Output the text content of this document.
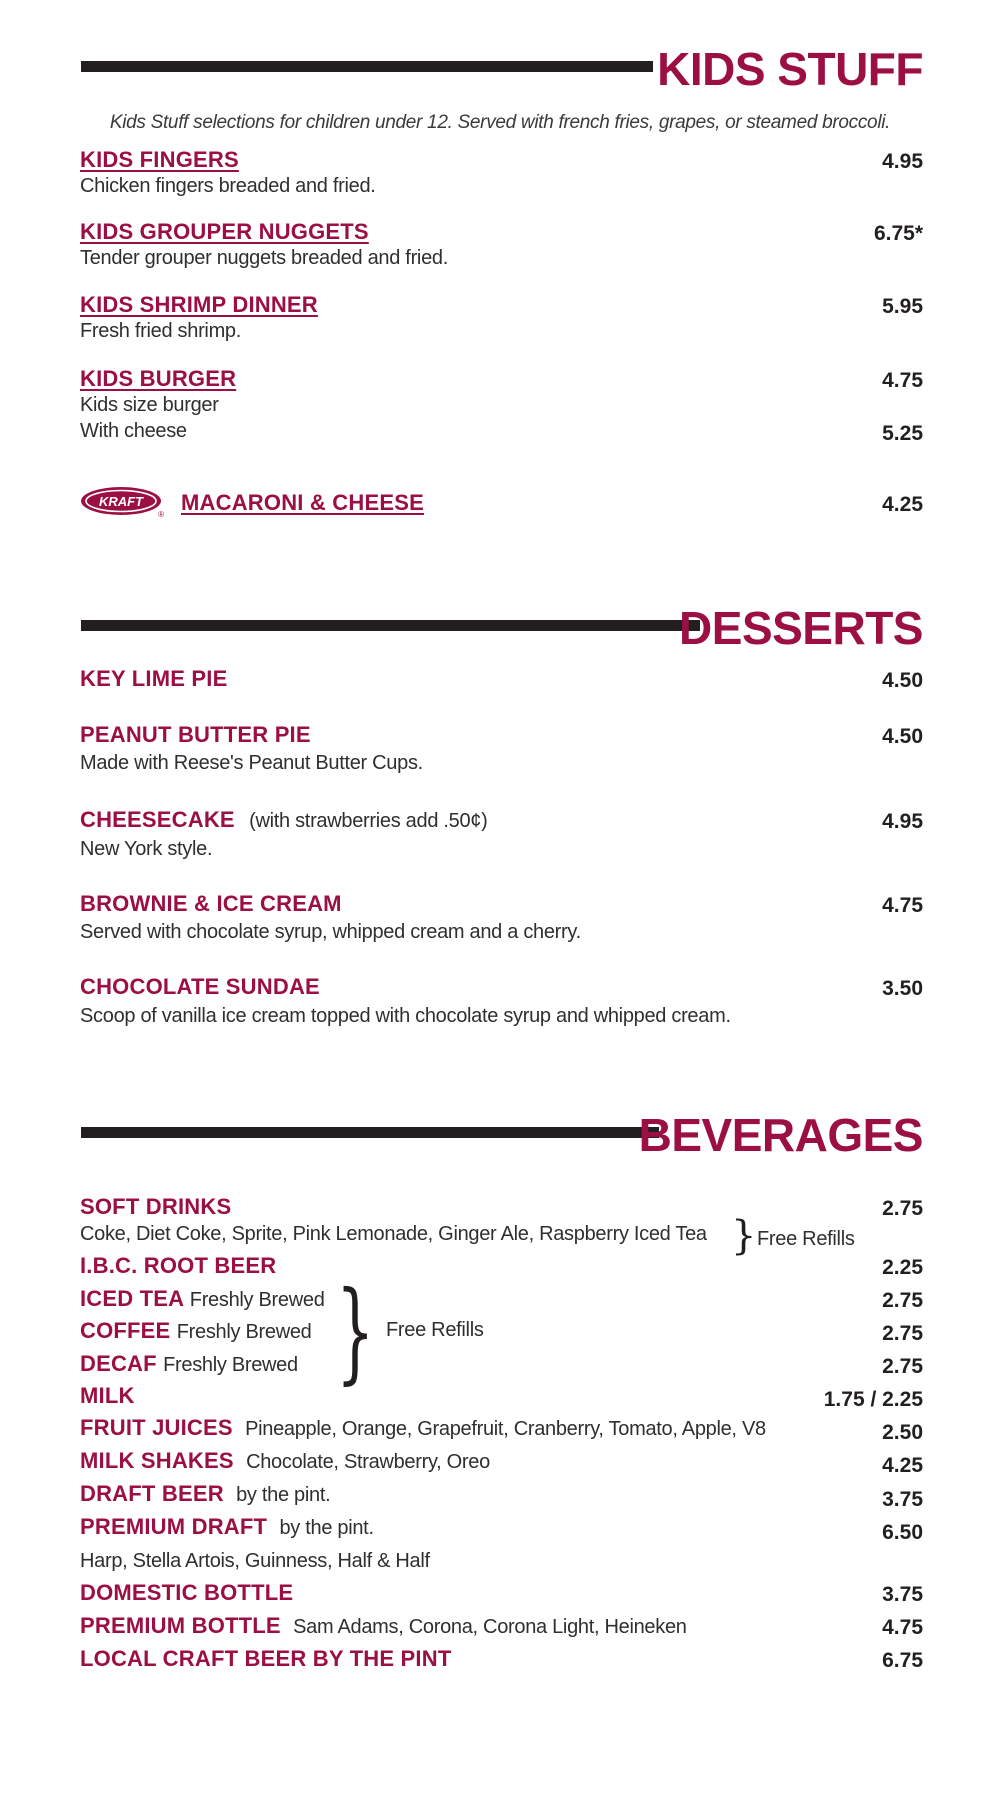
KIDS STUFF
Kids Stuff selections for children under 12. Served with french fries, grapes, or steamed broccoli.
KIDS FINGERS	4.95
Chicken fingers breaded and fried.
KIDS GROUPER NUGGETS	6.75*
Tender grouper nuggets breaded and fried.
KIDS SHRIMP DINNER	5.95
Fresh fried shrimp.
KIDS BURGER	4.75
Kids size burger
With cheese	5.25
KRAFT
® MACARONI & CHEESE	4.25
DESSERTS
KEY LIME PIE	4.50
PEANUT BUTTER PIE	4.50
Made with Reese's Peanut Butter Cups.
CHEESECAKE (with strawberries add .50¢)	4.95
New York style.
BROWNIE & ICE CREAM	4.75
Served with chocolate syrup, whipped cream and a cherry.
CHOCOLATE SUNDAE	3.50
Scoop of vanilla ice cream topped with chocolate syrup and whipped cream.
BEVERAGES
SOFT DRINKS	2.75
Coke, Diet Coke, Sprite, Pink Lemonade, Ginger Ale, Raspberry Iced Tea } Free Refills
I.B.C. ROOT BEER	2.25
ICED TEA Freshly Brewed	2.75
COFFEE Freshly Brewed	2.75
DECAF Freshly Brewed	2.75
} Free Refills
MILK	1.75 / 2.25
FRUIT JUICES Pineapple, Orange, Grapefruit, Cranberry, Tomato, Apple, V8	2.50
MILK SHAKES Chocolate, Strawberry, Oreo	4.25
DRAFT BEER by the pint.	3.75
PREMIUM DRAFT by the pint.	6.50
Harp, Stella Artois, Guinness, Half & Half
DOMESTIC BOTTLE	3.75
PREMIUM BOTTLE Sam Adams, Corona, Corona Light, Heineken	4.75
LOCAL CRAFT BEER BY THE PINT	6.75
